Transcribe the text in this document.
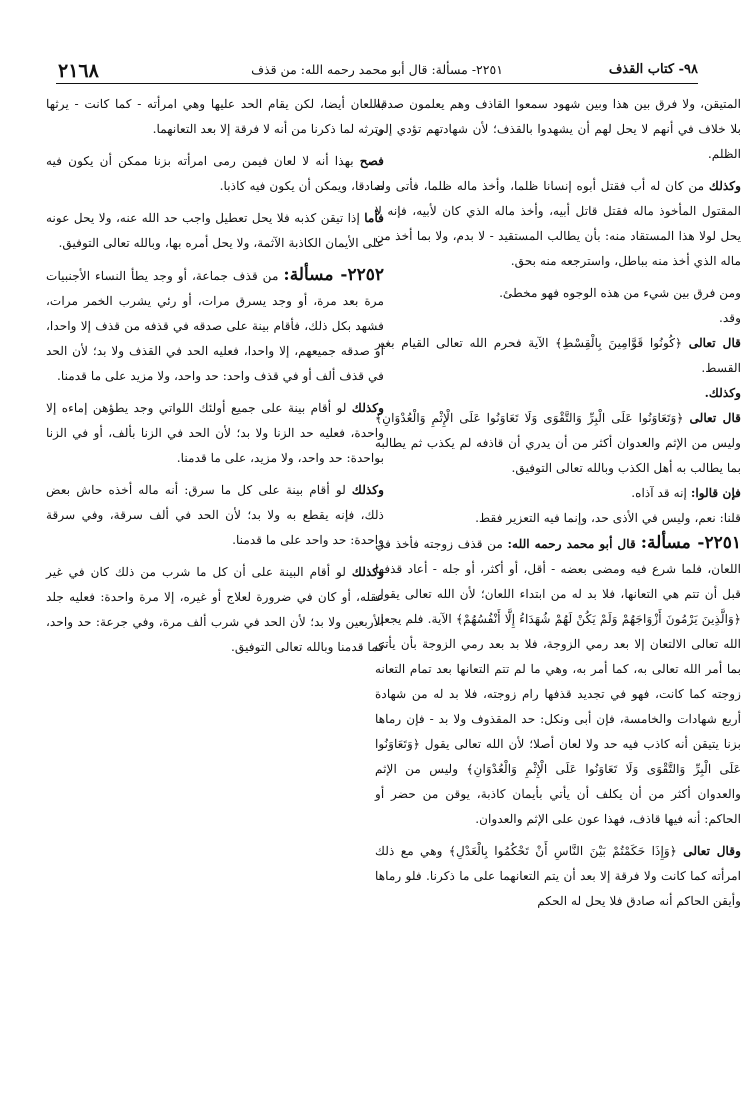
٢١٦٨	٢٢٥١- مسألة: قال أبو محمد رحمه الله: من قذف	٩٨- كتاب القذف

المتيقن، ولا فرق بين هذا وبين شهود سمعوا القاذف وهم يعلمون صدقه بلا خلاف في أنهم لا يحل لهم أن يشهدوا بالقذف؛ لأن شهادتهم تؤدي إلى الظلم.

وكذلك من كان له أب فقتل أبوه إنسانا ظلما، وأخذ ماله ظلما، فأتى ولد المقتول المأخوذ ماله فقتل قاتل أبيه، وأخذ ماله الذي كان لأبيه، فإنه لا يحل لولا هذا المستقاد منه: بأن يطالب المستقيد - لا بدم، ولا بما أخذ من ماله الذي أخذ منه بباطل، واسترجعه منه بحق.

ومن فرق بين شيء من هذه الوجوه فهو مخطئ.

وقد.

قال تعالى ﴿كُونُوا قَوَّامِينَ بِالْقِسْطِ﴾ الآية فحرم الله تعالى القيام بغير القسط.

وكذلك.

قال تعالى ﴿وَتَعَاوَنُوا عَلَى الْبِرِّ وَالتَّقْوَى وَلَا تَعَاوَنُوا عَلَى الْإِثْمِ وَالْعُدْوَانِ﴾ وليس من الإثم والعدوان أكثر من أن يدري أن قاذفه لم يكذب ثم يطالبه بما يطالب به أهل الكذب وبالله تعالى التوفيق.

فإن قالوا: إنه قد آذاه.

قلنا: نعم، وليس في الأذى حد، وإنما فيه التعزير فقط.

٢٢٥١- مسألة: قال أبو محمد رحمه الله: من قذف زوجته فأخذ في اللعان، فلما شرع فيه ومضى بعضه - أقل، أو أكثر، أو جله - أعاد قذفها قبل أن تتم هي التعانها، فلا بد له من ابتداء اللعان؛ لأن الله تعالى يقول ﴿وَالَّذِينَ يَرْمُونَ أَزْوَاجَهُمْ وَلَمْ يَكُنْ لَهُمْ شُهَدَاءُ إِلَّا أَنْفُسُهُمْ﴾ الآية. فلم يجعل الله تعالى الالتعان إلا بعد رمي الزوجة، فلا بد بعد رمي الزوجة بأن يأتي بما أمر الله تعالى به، كما أمر به، وهي ما لم تتم التعانها بعد تمام التعانه زوجته كما كانت، فهو في تجديد قذفها رام زوجته، فلا بد له من شهادة أربع شهادات والخامسة، فإن أبى ونكل: حد المقذوف ولا بد - فإن رماها بزنا يتيقن أنه كاذب فيه حد ولا لعان أصلا؛ لأن الله تعالى يقول ﴿وَتَعَاوَنُوا عَلَى الْبِرِّ وَالتَّقْوَى وَلَا تَعَاوَنُوا عَلَى الْإِثْمِ وَالْعُدْوَانِ﴾ وليس من الإثم والعدوان أكثر من أن يكلف أن يأتي بأيمان كاذبة، يوقن من حضر أو الحاكم: أنه فيها قاذف، فهذا عون على الإثم والعدوان.

وقال تعالى ﴿وَإِذَا حَكَمْتُمْ بَيْنَ النَّاسِ أَنْ تَحْكُمُوا بِالْعَدْلِ﴾ وهي مع ذلك امرأته كما كانت ولا فرقة إلا بعد أن يتم التعانهما على ما ذكرنا. فلو رماها وأيقن الحاكم أنه صادق فلا يحل له الحكم

باللعان أيضا، لكن يقام الحد عليها وهي امرأته - كما كانت - يرثها وترثه لما ذكرنا من أنه لا فرقة إلا بعد التعانهما.

فصح بهذا أنه لا لعان فيمن رمى امرأته بزنا ممكن أن يكون فيه صادقا، ويمكن أن يكون فيه كاذبا.

فأما إذا تيقن كذبه فلا يحل تعطيل واجب حد الله عنه، ولا يحل عونه على الأيمان الكاذبة الآثمة، ولا يحل أمره بها، وبالله تعالى التوفيق.

٢٢٥٢- مسألة: من قذف جماعة، أو وجد يطأ النساء الأجنبيات مرة بعد مرة، أو وجد يسرق مرات، أو رئي يشرب الخمر مرات، فشهد بكل ذلك، فأقام بينة على صدقه في قذفه من قذف إلا واحدا، أو صدقه جميعهم، إلا واحدا، فعليه الحد في القذف ولا بد؛ لأن الحد في قذف ألف أو في قذف واحد: حد واحد، ولا مزيد على ما قدمنا.

وكذلك لو أقام بينة على جميع أولئك اللواتي وجد يطؤهن إماءه إلا واحدة، فعليه حد الزنا ولا بد؛ لأن الحد في الزنا بألف، أو في الزنا بواحدة: حد واحد، ولا مزيد، على ما قدمنا.

وكذلك لو أقام بينة على كل ما سرق: أنه ماله أخذه حاش بعض ذلك، فإنه يقطع به ولا بد؛ لأن الحد في ألف سرقة، وفي سرقة واحدة: حد واحد على ما قدمنا.

وكذلك لو أقام البينة على أن كل ما شرب من ذلك كان في غير عقله، أو كان في ضرورة لعلاج أو غيره، إلا مرة واحدة: فعليه جلد الأربعين ولا بد؛ لأن الحد في شرب ألف مرة، وفي جرعة: حد واحد، كما قدمنا وبالله تعالى التوفيق.
